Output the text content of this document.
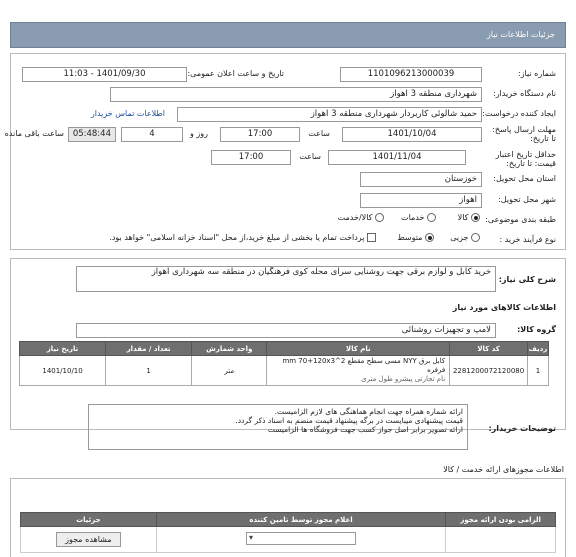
جزئیات اطلاعات نیاز
شماره نیاز:
1101096213000039
تاریخ و ساعت اعلان عمومی:
1401/09/30 - 11:03
نام دستگاه خریدار:
شهرداری منطقه 3 اهواز
ایجاد کننده درخواست:
حمید شالوئی کاربردار شهرداری منطقه 3 اهواز
اطلاعات تماس خریدار
مهلت ارسال پاسخ: تا تاریخ:
1401/10/04
ساعت
17:00
روز و
4
05:48:44
ساعت باقی مانده
حداقل تاریخ اعتبار قیمت: تا تاریخ:
1401/11/04
ساعت
17:00
استان محل تحویل:
خوزستان
شهر محل تحویل:
اهواز
طبقه بندی موضوعی:
کالا
خدمات
کالا/خدمت
نوع فرآیند خرید :
جزیی
متوسط
پرداخت تمام یا بخشی از مبلغ خرید،از محل "اسناد خزانه اسلامی" خواهد بود.
شرح کلی نیاز:
خرید کابل و لوازم برقی جهت روشنایی سرای محله کوی فرهنگیان در منطقه سه شهرداری اهواز
اطلاعات کالاهای مورد نیاز
گروه کالا:
لامپ و تجهیزات روشنائی
ردیف	کد کالا	نام کالا	واحد شمارش	تعداد / مقدار	تاریخ نیاز
1	2281200072120080	کابل برق NYY مسی سطح مقطع 2^mm 70+120x3 فرفره
نام تجارتی پیشرو طول متری	متر	1	1401/10/10
توضیحات خریدار:
ارائه شماره همراه جهت انجام هماهنگی های لازم الزامیست.
قیمت پیشنهادی میبایست در برگه پیشنهاد قیمت منضم به اسناد ذکر گردد.
ارائه تصویر برابر اصل جواز کسب جهت فروشگاه ها الزامیست
اطلاعات مجوزهای ارائه خدمت / کالا
الزامی بودن ارائه مجوز	اعلام مجوز توسط تامین کننده	جزئیات
	▾	مشاهده مجوز
